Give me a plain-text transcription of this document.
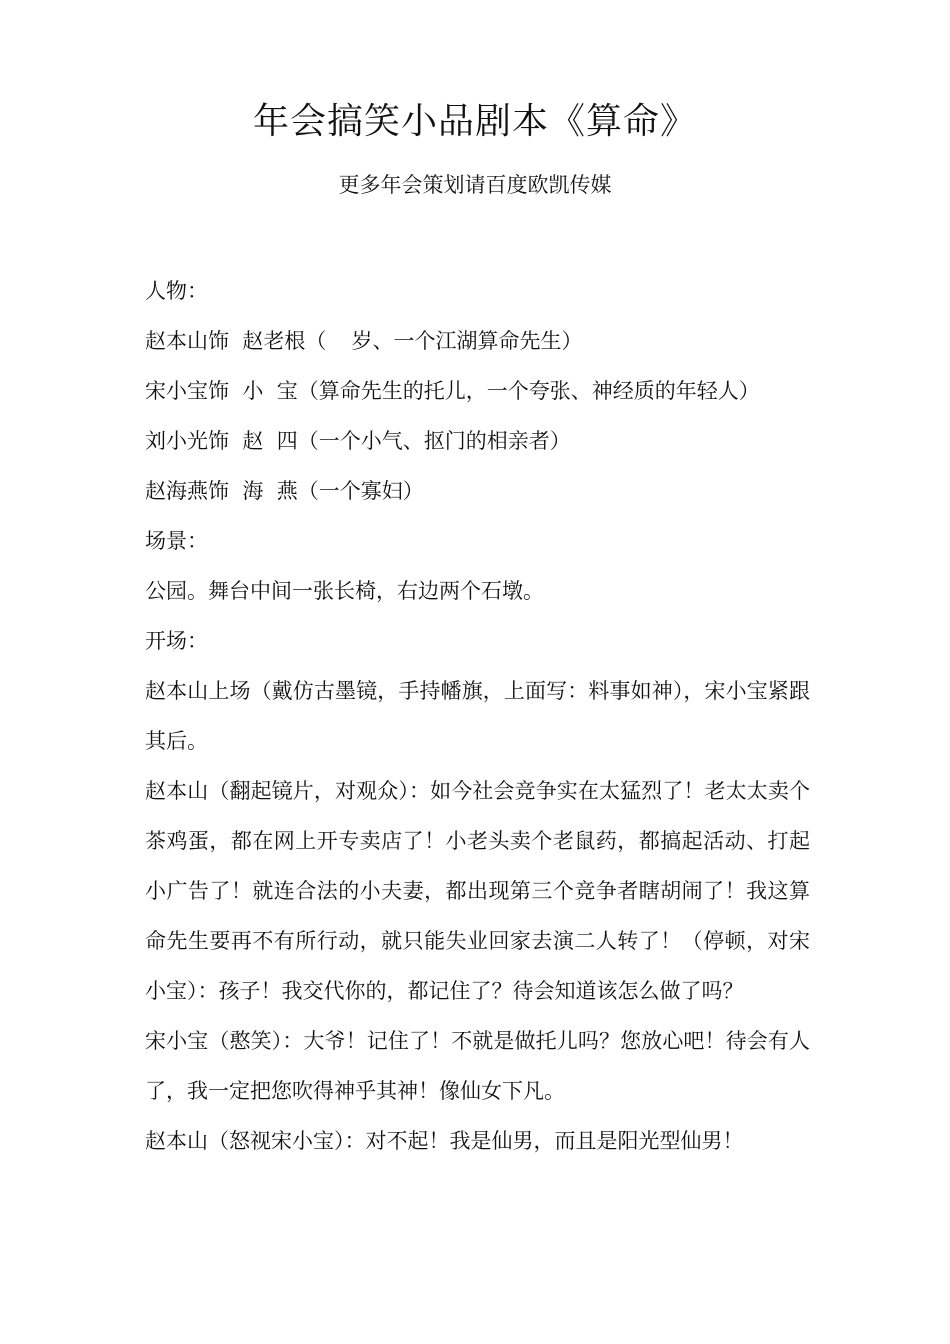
年会搞笑小品剧本《算命》
更多年会策划请百度欧凯传媒

人物：

赵本山饰 赵老根（ 岁、一个江湖算命先生）

宋小宝饰  小  宝（算命先生的托儿，一个夸张、神经质的年轻人）

刘小光饰  赵  四（一个小气、抠门的相亲者）

赵海燕饰  海  燕（一个寡妇）

场景：

公园。舞台中间一张长椅，右边两个石墩。

开场：

赵本山上场（戴仿古墨镜，手持幡旗，上面写：料事如神），宋小宝紧跟其后。

赵本山（翻起镜片，对观众）：如今社会竞争实在太猛烈了！老太太卖个茶鸡蛋，都在网上开专卖店了！小老头卖个老鼠药，都搞起活动、打起小广告了！就连合法的小夫妻，都出现第三个竞争者瞎胡闹了！我这算命先生要再不有所行动，就只能失业回家去演二人转了！（停顿，对宋小宝）：孩子！我交代你的，都记住了？待会知道该怎么做了吗？

宋小宝（憨笑）：大爷！记住了！不就是做托儿吗？您放心吧！待会有人了，我一定把您吹得神乎其神！像仙女下凡。

赵本山（怒视宋小宝）：对不起！我是仙男，而且是阳光型仙男！
